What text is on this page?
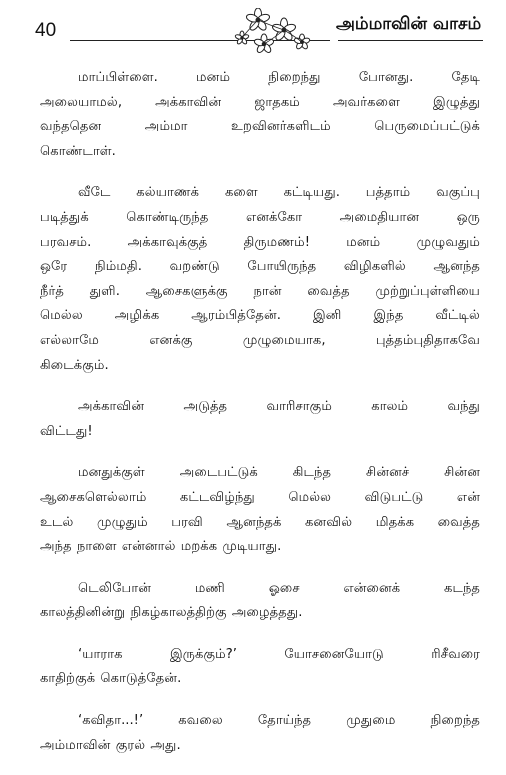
40	அம்மாவின் வாசம்

மாப்பிள்ளை. மனம் நிறைந்து போனது. தேடி
அலையாமல், அக்காவின் ஜாதகம் அவர்களை இழுத்து
வந்ததென அம்மா உறவினர்களிடம் பெருமைப்பட்டுக்
கொண்டாள்.

வீடே கல்யாணக் களை கட்டியது. பத்தாம் வகுப்பு
படித்துக் கொண்டிருந்த எனக்கோ அமைதியான ஒரு
பரவசம். அக்காவுக்குத் திருமணம்! மனம் முழுவதும்
ஒரே நிம்மதி. வறண்டு போயிருந்த விழிகளில் ஆனந்த
நீர்த் துளி. ஆசைகளுக்கு நான் வைத்த முற்றுப்புள்ளியை
மெல்ல அழிக்க ஆரம்பித்தேன். இனி இந்த வீட்டில்
எல்லாமே எனக்கு முழுமையாக, புத்தம்புதிதாகவே
கிடைக்கும்.

அக்காவின் அடுத்த வாரிசாகும் காலம் வந்து
விட்டது!

மனதுக்குள் அடைபட்டுக் கிடந்த சின்னச் சின்ன
ஆசைகளெல்லாம் கட்டவிழ்ந்து மெல்ல விடுபட்டு என்
உடல் முழுதும் பரவி ஆனந்தக் கனவில் மிதக்க வைத்த
அந்த நாளை என்னால் மறக்க முடியாது.

டெலிபோன் மணி ஓசை என்னைக் கடந்த
காலத்தினின்று நிகழ்காலத்திற்கு அழைத்தது.

‘யாராக இருக்கும்?’ யோசனையோடு ரிசீவரை
காதிற்குக் கொடுத்தேன்.

‘கவிதா...!’ கவலை தோய்ந்த முதுமை நிறைந்த
அம்மாவின் குரல் அது.
